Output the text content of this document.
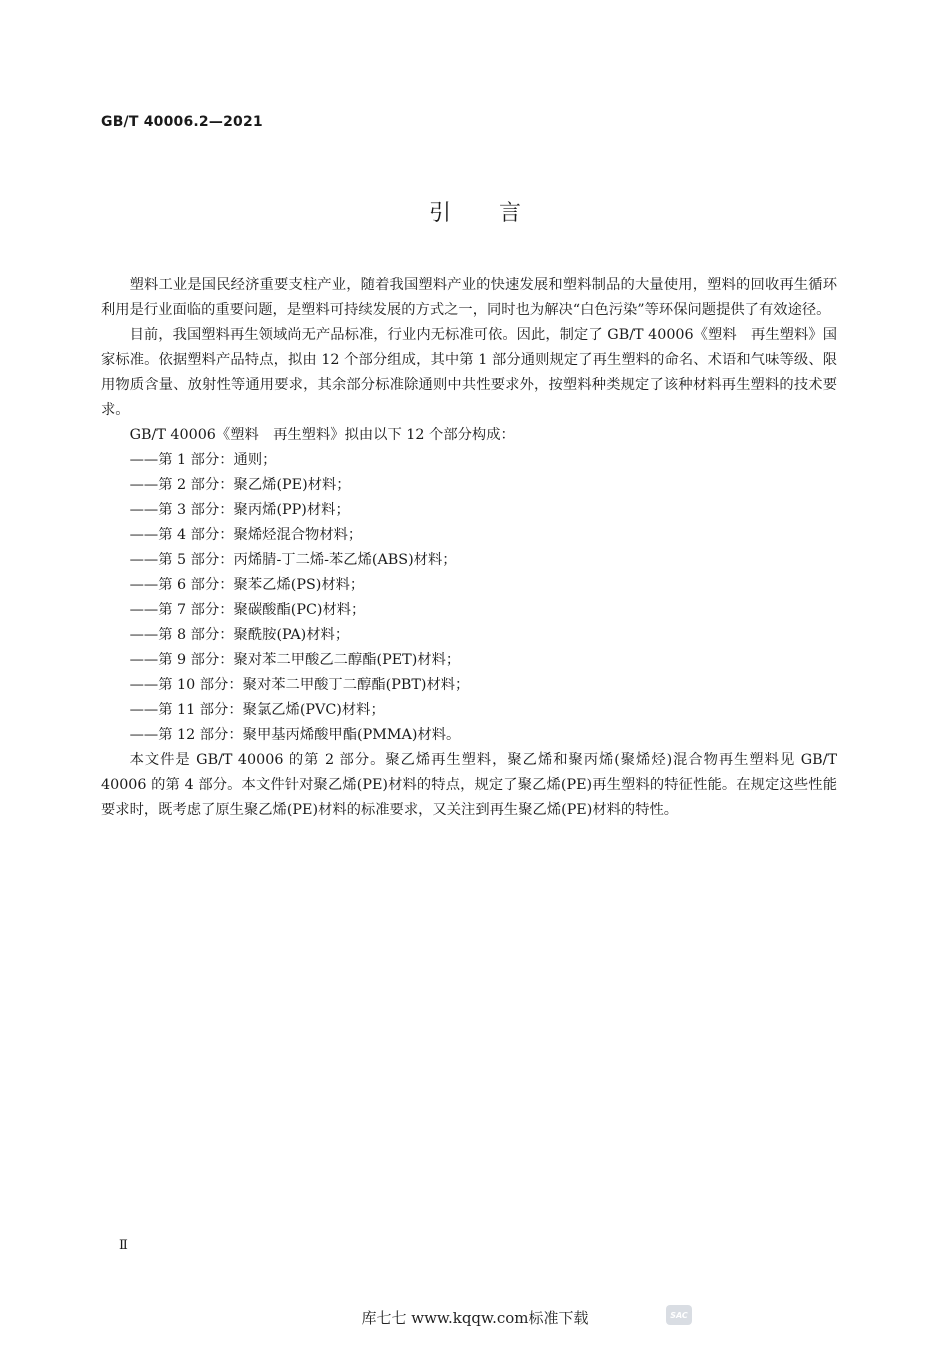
GB/T 40006.2—2021
引言

塑料工业是国民经济重要支柱产业，随着我国塑料产业的快速发展和塑料制品的大量使用，塑料的回收再生循环利用是行业面临的重要问题，是塑料可持续发展的方式之一，同时也为解决“白色污染”等环保问题提供了有效途径。

目前，我国塑料再生领域尚无产品标准，行业内无标准可依。因此，制定了 GB/T 40006《塑料　再生塑料》国家标准。依据塑料产品特点，拟由 12 个部分组成，其中第 1 部分通则规定了再生塑料的命名、术语和气味等级、限用物质含量、放射性等通用要求，其余部分标准除通则中共性要求外，按塑料种类规定了该种材料再生塑料的技术要求。

GB/T 40006《塑料　再生塑料》拟由以下 12 个部分构成：

——第 1 部分：通则；
——第 2 部分：聚乙烯(PE)材料；
——第 3 部分：聚丙烯(PP)材料；
——第 4 部分：聚烯烃混合物材料；
——第 5 部分：丙烯腈-丁二烯-苯乙烯(ABS)材料；
——第 6 部分：聚苯乙烯(PS)材料；
——第 7 部分：聚碳酸酯(PC)材料；
——第 8 部分：聚酰胺(PA)材料；
——第 9 部分：聚对苯二甲酸乙二醇酯(PET)材料；
——第 10 部分：聚对苯二甲酸丁二醇酯(PBT)材料；
——第 11 部分：聚氯乙烯(PVC)材料；
——第 12 部分：聚甲基丙烯酸甲酯(PMMA)材料。

本文件是 GB/T 40006 的第 2 部分。聚乙烯再生塑料，聚乙烯和聚丙烯(聚烯烃)混合物再生塑料见 GB/T 40006 的第 4 部分。本文件针对聚乙烯(PE)材料的特点，规定了聚乙烯(PE)再生塑料的特征性能。在规定这些性能要求时，既考虑了原生聚乙烯(PE)材料的标准要求，又关注到再生聚乙烯(PE)材料的特性。

Ⅱ
库七七 www.kqqw.com标准下载	SAC
